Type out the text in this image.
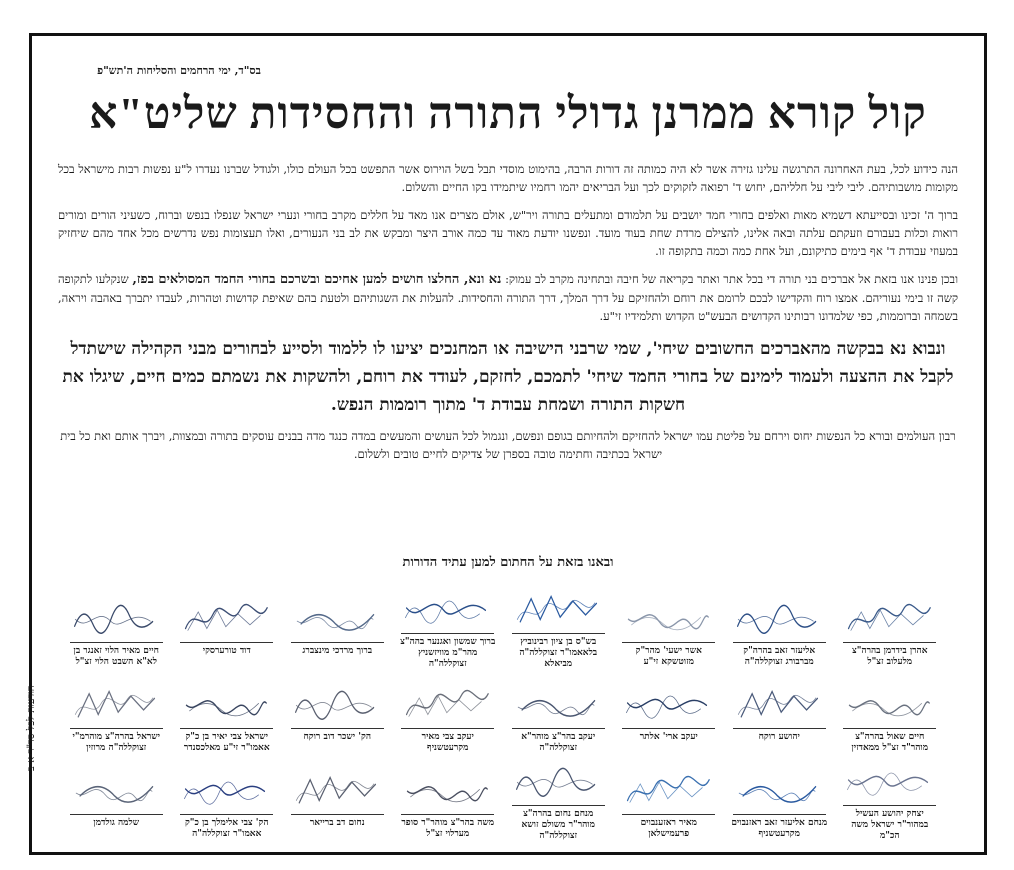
בס"ד, ימי הרחמים והסליחות ה'תש"פ
קול קורא ממרנן גדולי התורה והחסידות שליט"א

הנה כידוע לכל, בעת האחרונה התרגשה עלינו גזירה אשר לא היה כמותה זה דורות הרבה, בהימוט מוסדי תבל בשל הוירוס אשר התפשט בכל העולם כולו, ולגודל שברנו נעדרו ל"ע נפשות רבות מישראל בכל מקומות מושבותיהם. ליבי ליבי על חלליהם, יחוש ד' רפואה לזקוקים לכך ועל הבריאים יהמו רחמיו שיתמידו בקו החיים והשלום.

ברוך ה' זכינו ובסייעתא דשמיא מאות ואלפים בחורי חמד יושבים על תלמודם ומתעלים בתורה ויר"ש, אולם מצרים אנו מאד על חללים מקרב בחורי ונערי ישראל שנפלו בנפש וברוח, כשעיני הורים ומורים רואות וכלות בעבורם וזעקתם עלתה ובאה אלינו, להצילם מרדת שחת בעוד מועד. ונפשנו יודעת מאוד עד כמה אורב היצר ומבקש את לב בני הנעורים, ואלו תעצומות נפש נדרשים מכל אחד מהם שיחזיק במעוזי עבודת ד' אף בימים כתיקונם, ועל אחת כמה וכמה בתקופה זו.

ובכן פנינו אנו בזאת אל אברכים בני תורה די בכל אתר ואתר בקריאה של חיבה ובתחינה מקרב לב עמוק: נא ונא, החלצו חושים למען אחיכם ובשרכם בחורי החמד המסולאים בפז, שנקלעו לתקופה קשה זו בימי נעוריהם. אמצו רוח והקדישו לבכם לרומם את רוחם ולהחזיקם על דרך המלך, דרך התורה והחסידות. להעלות את השגותיהם ולטעת בהם שאיפת קדושות וטהרות, לעבדו יתברך באהבה ויראה, בשמחה וברוממות, כפי שלמדונו רבותינו הקדושים הבעש"ט הקדוש ותלמידיו זי"ע.

ונבוא נא בבקשה מהאברכים החשובים שיחי', שמי שרבני הישיבה או המחנכים יציעו לו ללמוד ולסייע לבחורים מבני הקהילה שישתדל לקבל את ההצעה ולעמוד לימינם של בחורי החמד שיחי' לתמכם, לחזקם, לעודד את רוחם, ולהשקות את נשמתם כמים חיים, שיגלו את חשקות התורה ושמחת עבודת ד' מתוך רוממות הנפש.

רבון העולמים ובורא כל הנפשות יחוס וירחם על פליטת עמו ישראל להחזיקם ולהחיותם בגופם ונפשם, ונגמול לכל העושים והמעשים במדה כנגד מדה בבנים עוסקים בתורה ובמצוות, ויברך אותם ואת כל בית ישראל בכתיבה וחתימה טובה בספרן של צדיקים לחיים טובים ולשלום.

ובאנו בזאת על החתום למען עתיד הדורות
אהרן בידרמן בהרה"צ מלעלוב זצ"ל
אליעזר זאב בהרה"ק מברבורג זצוקללה"ה
אשר ישעי' מהר"ק מזוטשקא זי"ע
בש"ס בן ציון רבינוביץ בלאאמו"ר זצוקללה"ה מביאלא
ברוך שמשון ואגנער בהה"צ מהר"מ מוויזשניץ זצוקללה"ה
ברוך מרדכי מינצברג
דוד טורערסקי
חיים מאיר הלוי זאנגר בן לא"א השבט הלוי זצ"ל
חיים שאול בהרה"צ מוהר"ד זצ"ל ממאדזין
יהושע רוקח
יעקב ארי' אלתר
יעקב בהר"צ מוהר"א זצוקללה"ה
יעקב צבי מאיר מקרעטשניף
הק' ישכר דוב רוקח
ישראל צבי יאיר בן כ"ק אאמו"ר זי"ע מאלכסנדר
ישראל בהרה"צ מוהרמ"י זצוקללה"ה מרוזין
יצחק יהושע העשיל במהור"ר ישראל משה הכ"מ
מנחם אליעזר זאב ראזנבוים מקרעטשניף
מאיר ראזענבוים פרעמישלאן
מנחם נחום בהרה"צ מוהר"ר משולם זושא זצוקללה"ה
משה בהר"צ מוהר"ר סופר מערלוי זצ"ל
נחום דב ברייאר
הק' צבי אלימלך בן כ"ק אאמו"ר זצוקללה"ה
שלמה גולדמן
הודעות לכל סד"ר-א-ב
